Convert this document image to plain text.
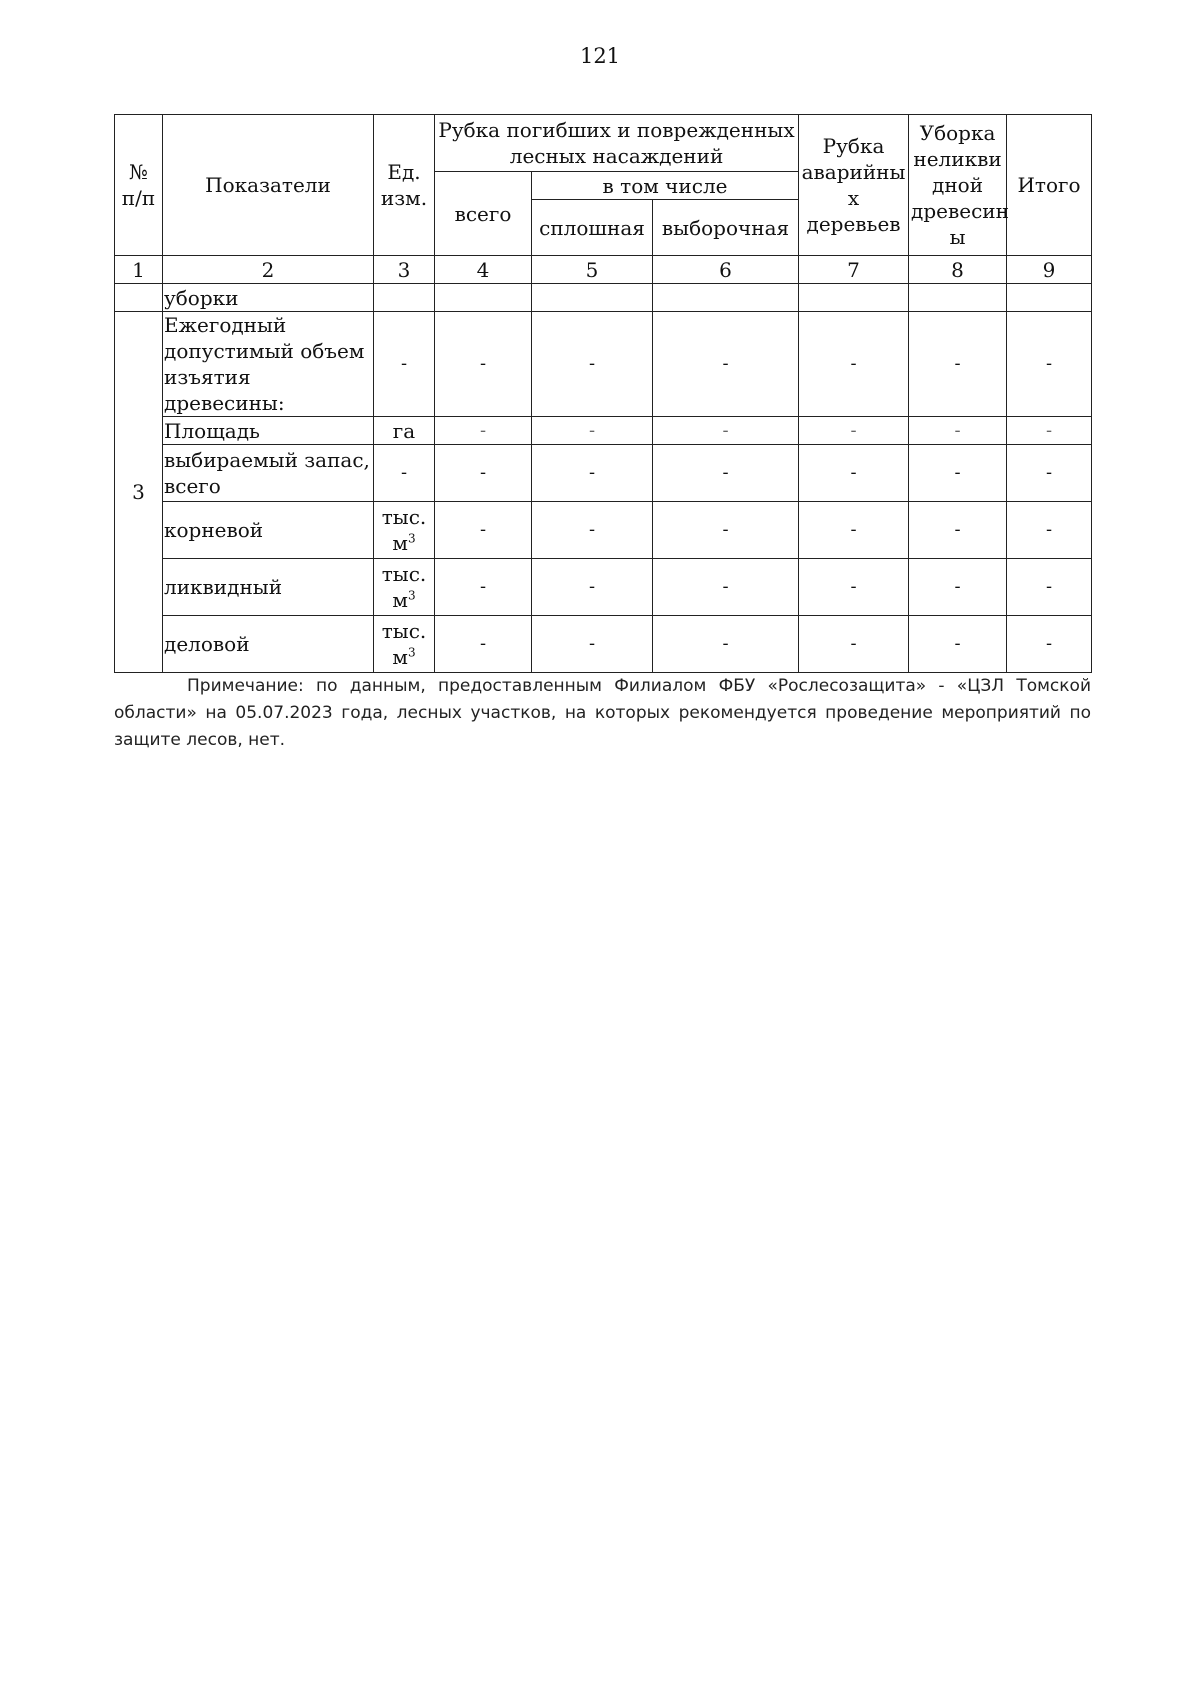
121
№ п/п	Показатели	Ед. изм.	Рубка погибших и поврежденных лесных насаждений			Рубка аварийны х деревьев	Уборка неликви дной древесин ы	Итого
			всего	в том числе				
				сплошная	выборочная			
1	2	3	4	5	6	7	8	9
	уборки							
3	Ежегодный допустимый объем изъятия древесины:	-	-	-	-	-	-	-
	Площадь	га	-	-	-	-	-	-
	выбираемый запас, всего	-	-	-	-	-	-	-
	корневой	тыс. $м^3$	-	-	-	-	-	-
	ликвидный	тыс. $м^3$	-	-	-	-	-	-
	деловой	тыс. $м^3$	-	-	-	-	-	-

Примечание: по данным, предоставленным Филиалом ФБУ «Рослесозащита» - «ЦЗЛ Томской области» на 05.07.2023 года, лесных участков, на которых рекомендуется проведение мероприятий по защите лесов, нет.
